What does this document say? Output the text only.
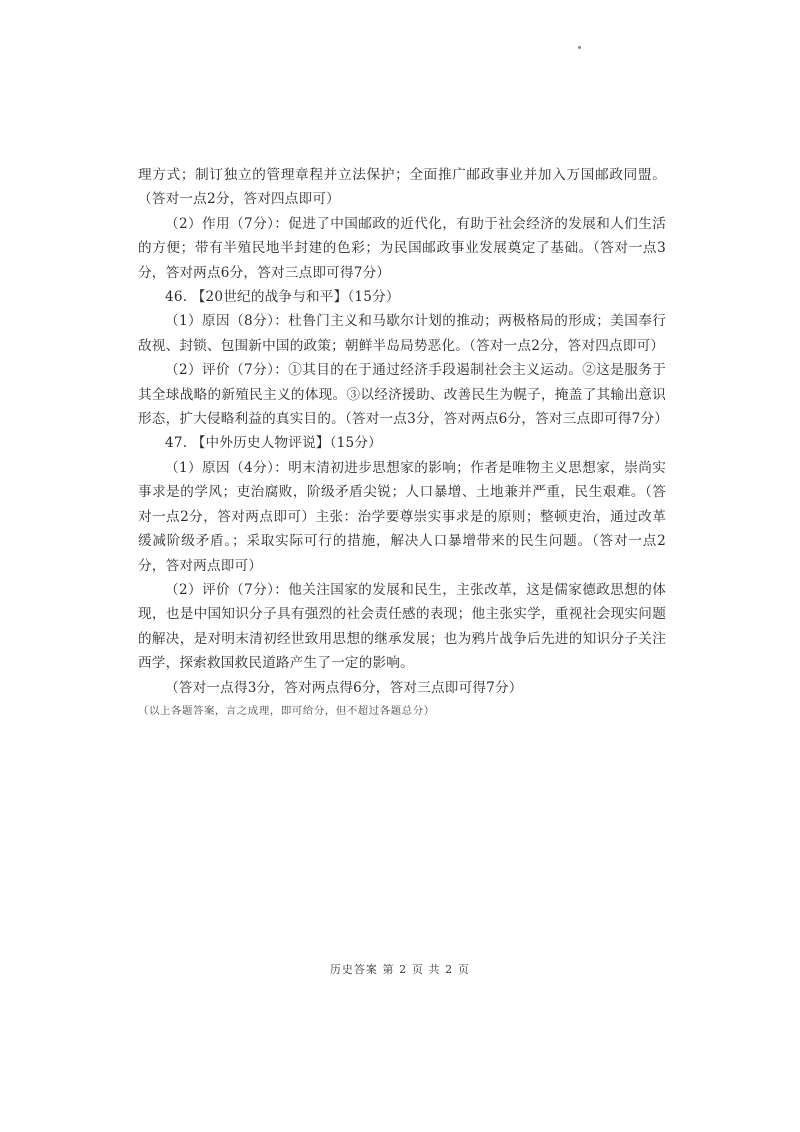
理方式；制订独立的管理章程并立法保护；全面推广邮政事业并加入万国邮政同盟。（答对一点2分，答对四点即可）

（2）作用（7分）：促进了中国邮政的近代化，有助于社会经济的发展和人们生活的方便；带有半殖民地半封建的色彩；为民国邮政事业发展奠定了基础。（答对一点3分，答对两点6分，答对三点即可得7分）

46. 【20世纪的战争与和平】（15分）

（1）原因（8分）：杜鲁门主义和马歇尔计划的推动；两极格局的形成；美国奉行敌视、封锁、包围新中国的政策；朝鲜半岛局势恶化。（答对一点2分，答对四点即可）

（2）评价（7分）：①其目的在于通过经济手段遏制社会主义运动。②这是服务于其全球战略的新殖民主义的体现。③以经济援助、改善民生为幌子，掩盖了其输出意识形态，扩大侵略利益的真实目的。（答对一点3分，答对两点6分，答对三点即可得7分）

47. 【中外历史人物评说】（15分）

（1）原因（4分）：明末清初进步思想家的影响；作者是唯物主义思想家，崇尚实事求是的学风；吏治腐败，阶级矛盾尖锐；人口暴增、土地兼并严重，民生艰难。（答对一点2分，答对两点即可）主张：治学要尊崇实事求是的原则；整顿吏治，通过改革缓减阶级矛盾。；采取实际可行的措施，解决人口暴增带来的民生问题。（答对一点2分，答对两点即可）

（2）评价（7分）：他关注国家的发展和民生，主张改革，这是儒家德政思想的体现，也是中国知识分子具有强烈的社会责任感的表现；他主张实学，重视社会现实问题的解决，是对明末清初经世致用思想的继承发展；也为鸦片战争后先进的知识分子关注西学，探索救国救民道路产生了一定的影响。

（答对一点得3分，答对两点得6分，答对三点即可得7分）

（以上各题答案，言之成理，即可给分，但不超过各题总分）

历史答案 第 2 页 共 2 页
